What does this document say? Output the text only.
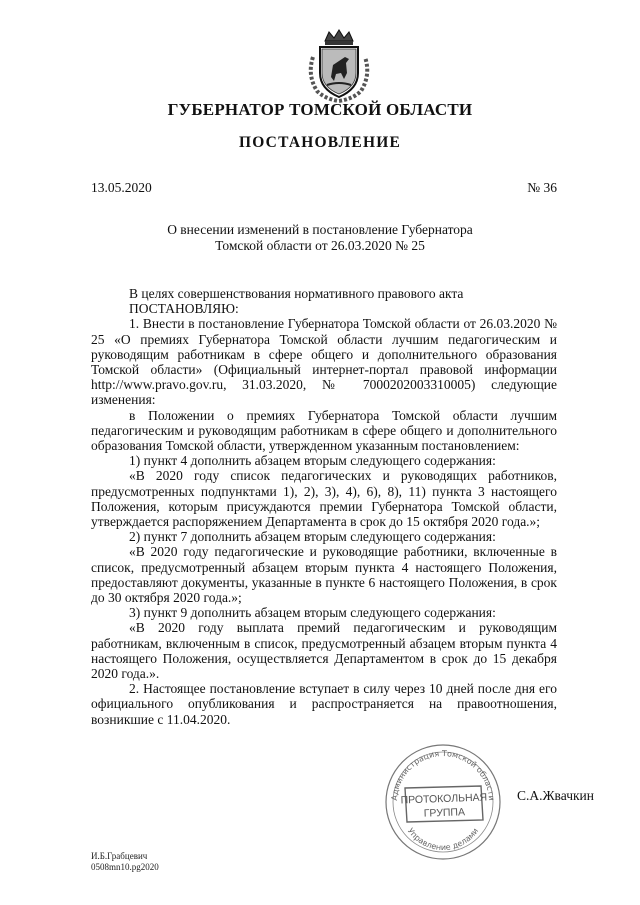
ГУБЕРНАТОР ТОМСКОЙ ОБЛАСТИ
ПОСТАНОВЛЕНИЕ
13.05.2020	№ 36
О внесении изменений в постановление Губернатора
Томской области от 26.03.2020 № 25

В целях совершенствования нормативного правового акта

ПОСТАНОВЛЯЮ:

1. Внести в постановление Губернатора Томской области от 26.03.2020 № 25 «О премиях Губернатора Томской области лучшим педагогическим и руководящим работникам в сфере общего и дополнительного образования Томской области» (Официальный интернет-портал правовой информации http://www.pravo.gov.ru, 31.03.2020, № 7000202003310005) следующие изменения:

в Положении о премиях Губернатора Томской области лучшим педагогическим и руководящим работникам в сфере общего и дополнительного образования Томской области, утвержденном указанным постановлением:

1) пункт 4 дополнить абзацем вторым следующего содержания:

«В 2020 году список педагогических и руководящих работников, предусмотренных подпунктами 1), 2), 3), 4), 6), 8), 11) пункта 3 настоящего Положения, которым присуждаются премии Губернатора Томской области, утверждается распоряжением Департамента в срок до 15 октября 2020 года.»;

2) пункт 7 дополнить абзацем вторым следующего содержания:

«В 2020 году педагогические и руководящие работники, включенные в список, предусмотренный абзацем вторым пункта 4 настоящего Положения, предоставляют документы, указанные в пункте 6 настоящего Положения, в срок до 30 октября 2020 года.»;

3) пункт 9 дополнить абзацем вторым следующего содержания:

«В 2020 году выплата премий педагогическим и руководящим работникам, включенным в список, предусмотренный абзацем вторым пункта 4 настоящего Положения, осуществляется Департаментом в срок до 15 декабря 2020 года.».

2. Настоящее постановление вступает в силу через 10 дней после дня его официального опубликования и распространяется на правоотношения, возникшие с 11.04.2020.

Администрация Томской области
Управление делами
ПРОТОКОЛЬНАЯ
ГРУППА
С.А.Жвачкин
И.Б.Грабцевич
0508mn10.pg2020
